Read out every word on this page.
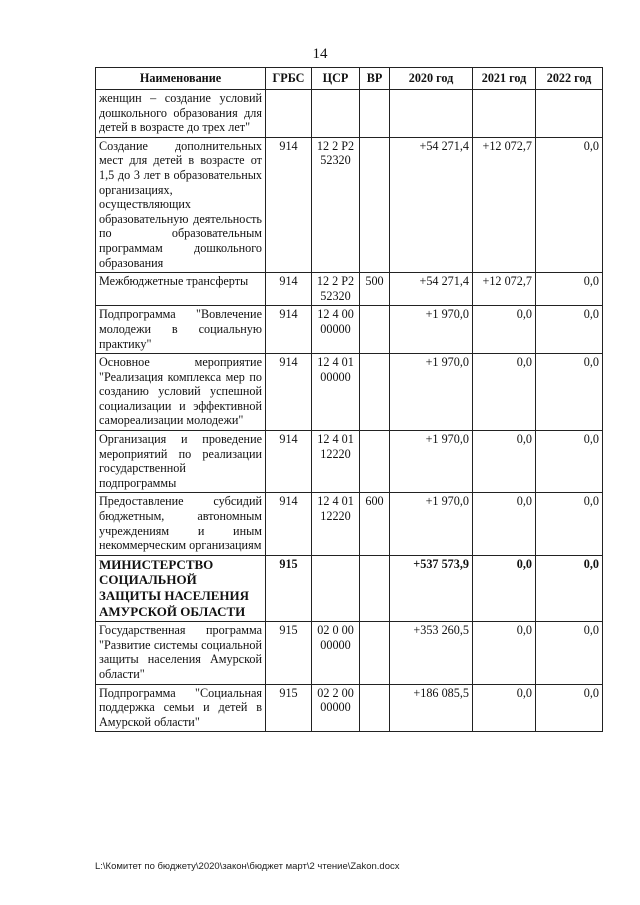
14
Наименование	ГРБС	ЦСР	ВР	2020 год	2021 год	2022 год
женщин – создание условий дошкольного образования для детей в возрасте до трех лет"						
Создание дополнительных мест для детей в возрасте от 1,5 до 3 лет в образовательных организациях, осуществляющих образовательную деятельность по образовательным программам дошкольного образования	914	12 2 P2 52320		+54 271,4	+12 072,7	0,0
Межбюджетные трансферты	914	12 2 P2 52320	500	+54 271,4	+12 072,7	0,0
Подпрограмма "Вовлечение молодежи в социальную практику"	914	12 4 00 00000		+1 970,0	0,0	0,0
Основное мероприятие "Реализация комплекса мер по созданию условий успешной социализации и эффективной самореализации молодежи"	914	12 4 01 00000		+1 970,0	0,0	0,0
Организация и проведение мероприятий по реализации государственной подпрограммы	914	12 4 01 12220		+1 970,0	0,0	0,0
Предоставление субсидий бюджетным, автономным учреждениям и иным некоммерческим организациям	914	12 4 01 12220	600	+1 970,0	0,0	0,0
МИНИСТЕРСТВО СОЦИАЛЬНОЙ ЗАЩИТЫ НАСЕЛЕНИЯ АМУРСКОЙ ОБЛАСТИ	915			+537 573,9	0,0	0,0
Государственная программа "Развитие системы социальной защиты населения Амурской области"	915	02 0 00 00000		+353 260,5	0,0	0,0
Подпрограмма "Социальная поддержка семьи и детей в Амурской области"	915	02 2 00 00000		+186 085,5	0,0	0,0
L:\Комитет по бюджету\2020\закон\бюджет март\2 чтение\Zakon.docx
